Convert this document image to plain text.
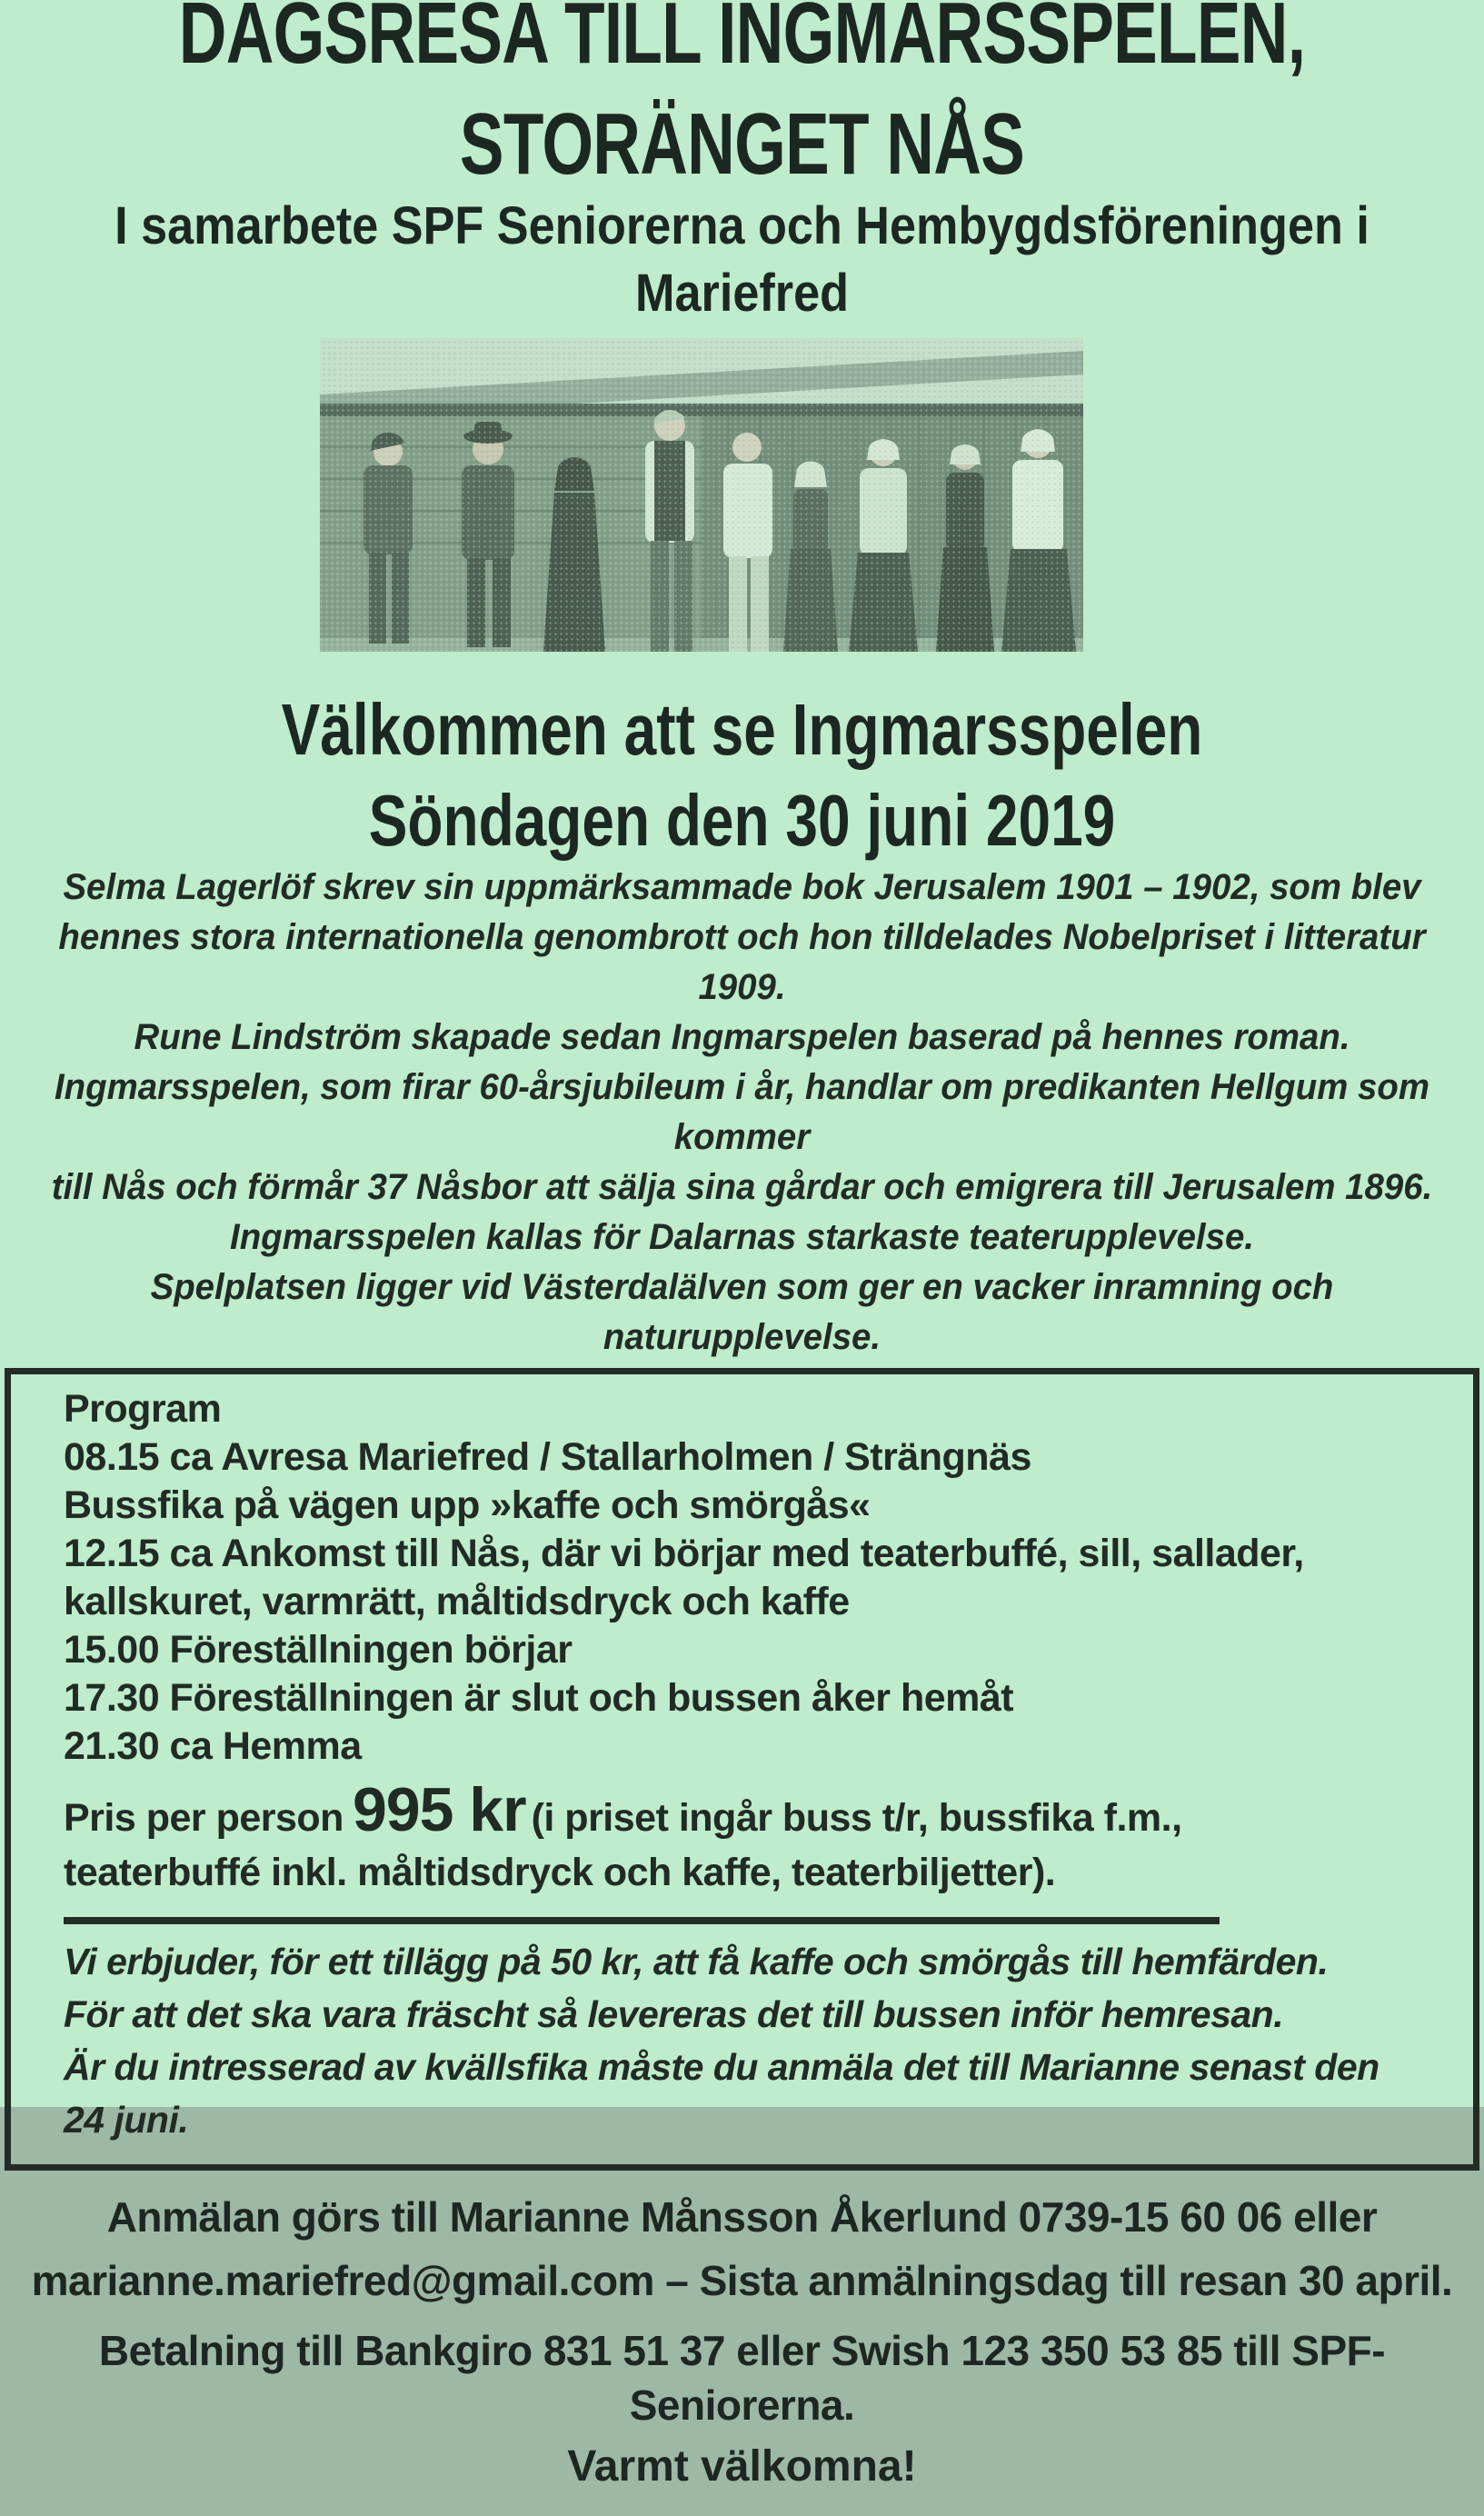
DAGSRESA TILL INGMARSSPELEN,
STORÄNGET NÅS
I samarbete SPF Seniorerna och Hembygdsföreningen i Mariefred
Välkommen att se Ingmarsspelen
Söndagen den 30 juni 2019
Selma Lagerlöf skrev sin uppmärksammade bok Jerusalem 1901 – 1902, som blev
hennes stora internationella genombrott och hon tilldelades Nobelpriset i litteratur 1909.
Rune Lindström skapade sedan Ingmarspelen baserad på hennes roman.
Ingmarsspelen, som firar 60-årsjubileum i år, handlar om predikanten Hellgum som kommer
till Nås och förmår 37 Nåsbor att sälja sina gårdar och emigrera till Jerusalem 1896.
Ingmarsspelen kallas för Dalarnas starkaste teaterupplevelse.
Spelplatsen ligger vid Västerdalälven som ger en vacker inramning och naturupplevelse.
Program
08.15 ca Avresa Mariefred / Stallarholmen / Strängnäs
Bussfika på vägen upp »kaffe och smörgås«
12.15 ca Ankomst till Nås, där vi börjar med teaterbuffé, sill, sallader,
kallskuret, varmrätt, måltidsdryck och kaffe
15.00 Föreställningen börjar
17.30 Föreställningen är slut och bussen åker hemåt
21.30 ca Hemma
Pris per person 995 kr (i priset ingår buss t/r, bussfika f.m.,
teaterbuffé inkl. måltidsdryck och kaffe, teaterbiljetter).
Vi erbjuder, för ett tillägg på 50 kr, att få kaffe och smörgås till hemfärden.
För att det ska vara fräscht så levereras det till bussen inför hemresan.
Är du intresserad av kvällsfika måste du anmäla det till Marianne senast den 24 juni.
Anmälan görs till Marianne Månsson Åkerlund 0739-15 60 06 eller
marianne.mariefred@gmail.com – Sista anmälningsdag till resan 30 april.
Betalning till Bankgiro 831 51 37 eller Swish 123 350 53 85 till SPF-Seniorerna.
Varmt välkomna!
